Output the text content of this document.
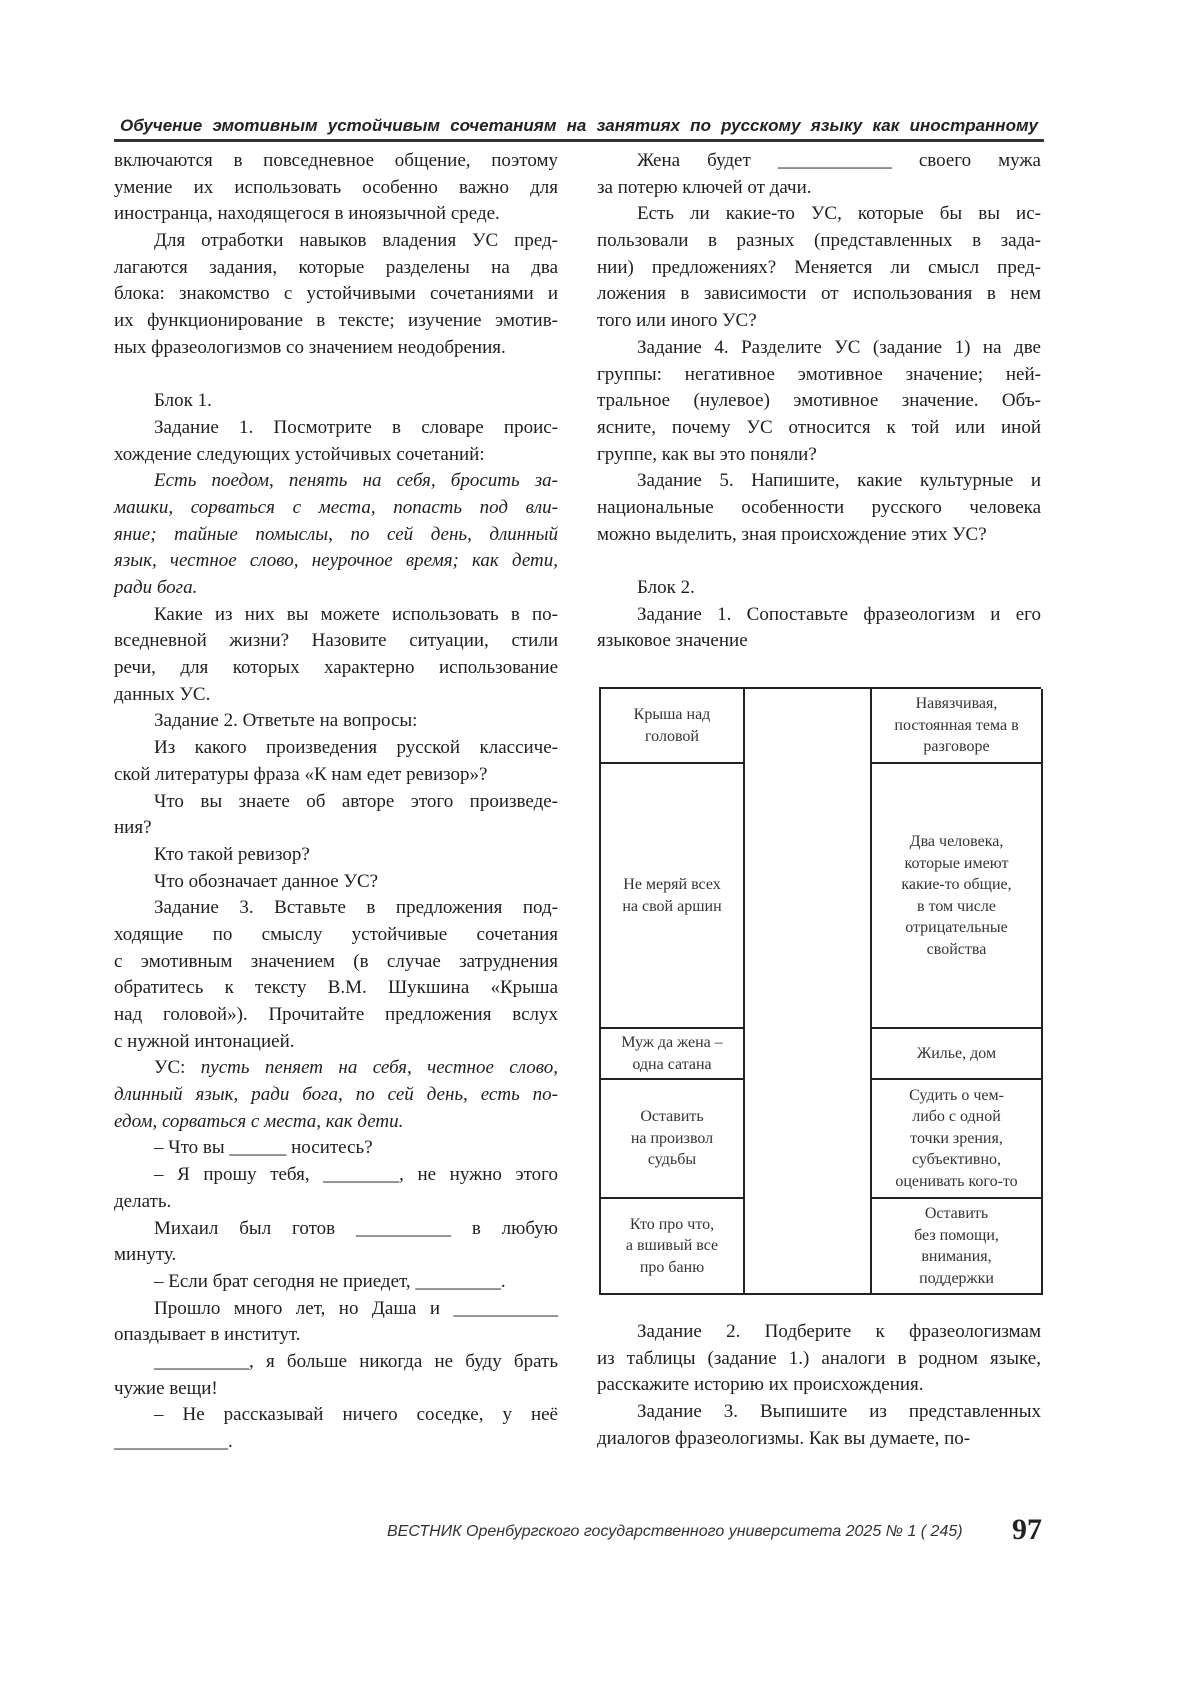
Обучение эмотивным устойчивым сочетаниям на занятиях по русскому языку как иностранному
включаются в повседневное общение, поэтому
умение их использовать особенно важно для
иностранца, находящегося в иноязычной среде.
Для отработки навыков владения УС пред-
лагаются задания, которые разделены на два
блока: знакомство с устойчивыми сочетаниями и
их функционирование в тексте; изучение эмотив-
ных фразеологизмов со значением неодобрения.
Блок 1.
Задание 1. Посмотрите в словаре проис-
хождение следующих устойчивых сочетаний:
Есть поедом, пенять на себя, бросить за-
машки, сорваться с места, попасть под вли-
яние; тайные помыслы, по сей день, длинный
язык, честное слово, неурочное время; как дети,
ради бога.
Какие из них вы можете использовать в по-
вседневной жизни? Назовите ситуации, стили
речи, для которых характерно использование
данных УС.
Задание 2. Ответьте на вопросы:
Из какого произведения русской классиче-
ской литературы фраза «К нам едет ревизор»?
Что вы знаете об авторе этого произведе-
ния?
Кто такой ревизор?
Что обозначает данное УС?
Задание 3. Вставьте в предложения под-
ходящие по смыслу устойчивые сочетания
с эмотивным значением (в случае затруднения
обратитесь к тексту В.М. Шукшина «Крыша
над головой»). Прочитайте предложения вслух
с нужной интонацией.
УС: пусть пеняет на себя, честное слово,
длинный язык, ради бога, по сей день, есть по-
едом, сорваться с места, как дети.
– Что вы ______ носитесь?
– Я прошу тебя, ________, не нужно этого
делать.
Михаил был готов __________ в любую
минуту.
– Если брат сегодня не приедет, _________.
Прошло много лет, но Даша и ___________
опаздывает в институт.
__________, я больше никогда не буду брать
чужие вещи!
– Не рассказывай ничего соседке, у неё
____________.
Жена будет ____________ своего мужа
за потерю ключей от дачи.
Есть ли какие-то УС, которые бы вы ис-
пользовали в разных (представленных в зада-
нии) предложениях? Меняется ли смысл пред-
ложения в зависимости от использования в нем
того или иного УС?
Задание 4. Разделите УС (задание 1) на две
группы: негативное эмотивное значение; ней-
тральное (нулевое) эмотивное значение. Объ-
ясните, почему УС относится к той или иной
группе, как вы это поняли?
Задание 5. Напишите, какие культурные и
национальные особенности русского человека
можно выделить, зная происхождение этих УС?
Блок 2.
Задание 1. Сопоставьте фразеологизм и его
языковое значение
Крыша над
головой
Навязчивая,
постоянная тема в
разговоре
Не меряй всех
на свой аршин
Два человека,
которые имеют
какие-то общие,
в том числе
отрицательные
свойства
Муж да жена –
одна сатана
Жилье, дом
Оставить
на произвол
судьбы
Судить о чем-
либо с одной
точки зрения,
субъективно,
оценивать кого-то
Кто про что,
а вшивый все
про баню
Оставить
без помощи,
внимания,
поддержки
Задание 2. Подберите к фразеологизмам
из таблицы (задание 1.) аналоги в родном языке,
расскажите историю их происхождения.
Задание 3. Выпишите из представленных
диалогов фразеологизмы. Как вы думаете, по-
ВЕСТНИК Оренбургского государственного университета 2025 № 1 ( 245) 97
